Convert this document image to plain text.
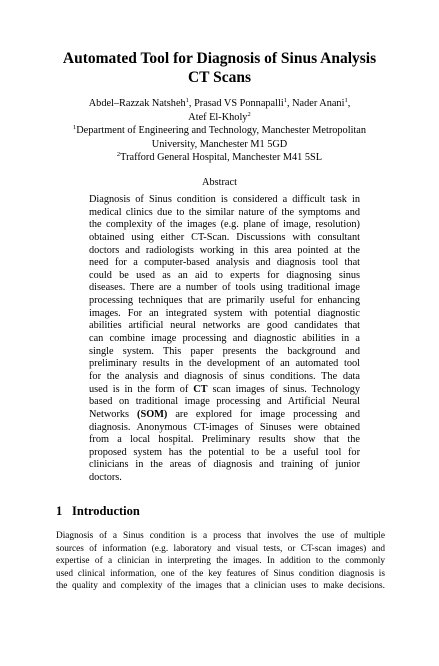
Automated Tool for Diagnosis of Sinus Analysis
CT Scans
Abdel–Razzak Natsheh$^1$, Prasad VS Ponnapalli$^1$, Nader Anani$^1$,
Atef El-Kholy$^2$
$^1$Department of Engineering and Technology, Manchester Metropolitan
University, Manchester M1 5GD
$^2$Trafford General Hospital, Manchester M41 5SL
Abstract
Diagnosis of Sinus condition is considered a difficult task in
medical clinics due to the similar nature of the symptoms and
the complexity of the images (e.g. plane of image, resolution)
obtained using either CT-Scan. Discussions with consultant
doctors and radiologists working in this area pointed at the
need for a computer-based analysis and diagnosis tool that
could be used as an aid to experts for diagnosing sinus
diseases. There are a number of tools using traditional image
processing techniques that are primarily useful for enhancing
images. For an integrated system with potential diagnostic
abilities artificial neural networks are good candidates that
can combine image processing and diagnostic abilities in a
single system. This paper presents the background and
preliminary results in the development of an automated tool
for the analysis and diagnosis of sinus conditions. The data
used is in the form of CT scan images of sinus. Technology
based on traditional image processing and Artificial Neural
Networks (SOM) are explored for image processing and
diagnosis. Anonymous CT-images of Sinuses were obtained
from a local hospital. Preliminary results show that the
proposed system has the potential to be a useful tool for
clinicians in the areas of diagnosis and training of junior
doctors.
1 Introduction
Diagnosis of a Sinus condition is a process that involves the use of multiple
sources of information (e.g. laboratory and visual tests, or CT-scan images) and
expertise of a clinician in interpreting the images. In addition to the commonly
used clinical information, one of the key features of Sinus condition diagnosis is
the quality and complexity of the images that a clinician uses to make decisions.
